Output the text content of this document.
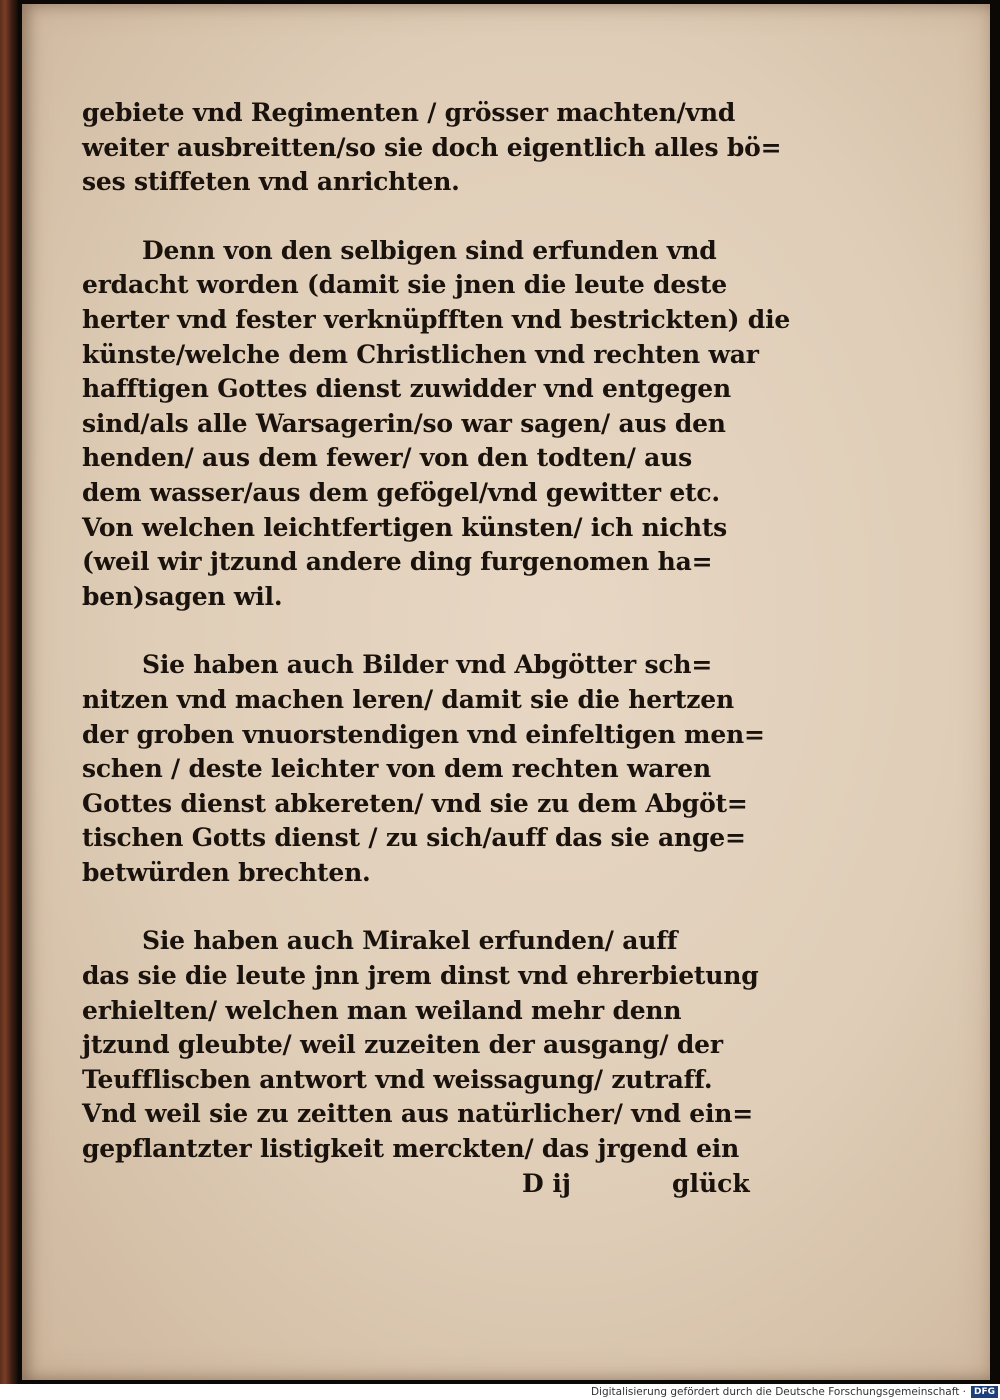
gebiete vnd Regimenten / grösser machten/vnd
weiter ausbreitten/so sie doch eigentlich alles bö=
ses stiffeten vnd anrichten.
Denn von den selbigen sind erfunden vnd
erdacht worden (damit sie jnen die leute deste
herter vnd fester verknüpfften vnd bestrickten) die
künste/welche dem Christlichen vnd rechten war
hafftigen Gottes dienst zuwidder vnd entgegen
sind/als alle Warsagerin/so war sagen/ aus den
henden/ aus dem fewer/ von den todten/ aus
dem wasser/aus dem gefögel/vnd gewitter etc.
Von welchen leichtfertigen künsten/ ich nichts
(weil wir jtzund andere ding furgenomen ha=
ben)sagen wil.
Sie haben auch Bilder vnd Abgötter sch=
nitzen vnd machen leren/ damit sie die hertzen
der groben vnuorstendigen vnd einfeltigen men=
schen / deste leichter von dem rechten waren
Gottes dienst abkereten/ vnd sie zu dem Abgöt=
tischen Gotts dienst / zu sich/auff das sie ange=
betwürden brechten.
Sie haben auch Mirakel erfunden/ auff
das sie die leute jnn jrem dinst vnd ehrerbietung
erhielten/ welchen man weiland mehr denn
jtzund gleubte/ weil zuzeiten der ausgang/ der
Teuffliscben antwort vnd weissagung/ zutraff.
Vnd weil sie zu zeitten aus natürlicher/ vnd ein=
gepflantzter listigkeit merckten/ das jrgend ein
D ij	glück
Digitalisierung gefördert durch die Deutsche Forschungsgemeinschaft · DFG
